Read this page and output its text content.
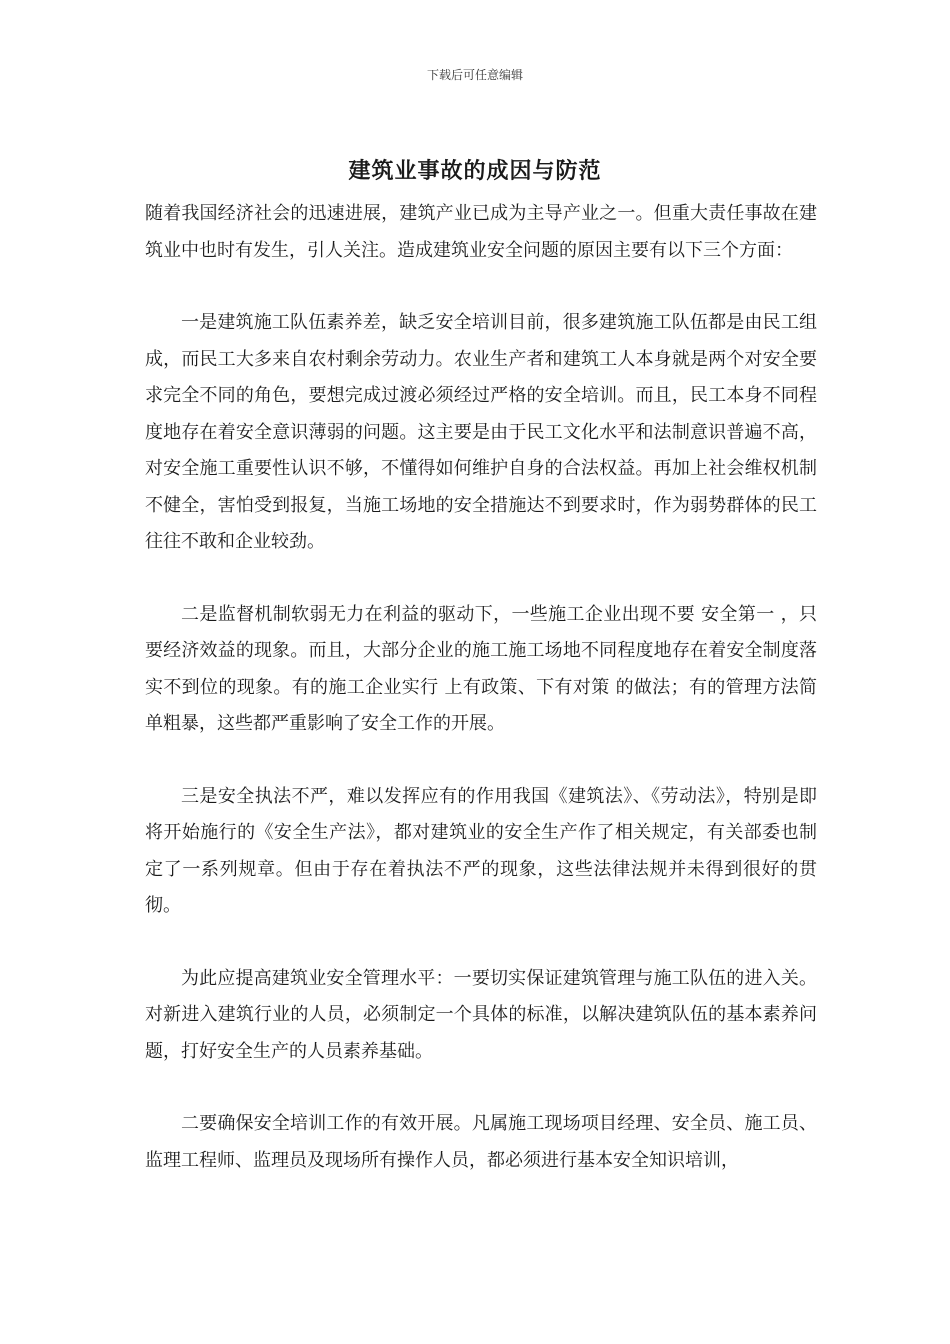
下载后可任意编辑
建筑业事故的成因与防范

随着我国经济社会的迅速进展，建筑产业已成为主导产业之一。但重大责任事故在建筑业中也时有发生，引人关注。造成建筑业安全问题的原因主要有以下三个方面：

一是建筑施工队伍素养差，缺乏安全培训目前，很多建筑施工队伍都是由民工组成，而民工大多来自农村剩余劳动力。农业生产者和建筑工人本身就是两个对安全要求完全不同的角色，要想完成过渡必须经过严格的安全培训。而且，民工本身不同程度地存在着安全意识薄弱的问题。这主要是由于民工文化水平和法制意识普遍不高，对安全施工重要性认识不够，不懂得如何维护自身的合法权益。再加上社会维权机制不健全，害怕受到报复，当施工场地的安全措施达不到要求时，作为弱势群体的民工往往不敢和企业较劲。

二是监督机制软弱无力在利益的驱动下，一些施工企业出现不要 安全第一 ，只要经济效益的现象。而且，大部分企业的施工施工场地不同程度地存在着安全制度落实不到位的现象。有的施工企业实行 上有政策、下有对策 的做法；有的管理方法简单粗暴，这些都严重影响了安全工作的开展。

三是安全执法不严，难以发挥应有的作用我国《建筑法》、《劳动法》，特别是即将开始施行的《安全生产法》，都对建筑业的安全生产作了相关规定，有关部委也制定了一系列规章。但由于存在着执法不严的现象，这些法律法规并未得到很好的贯彻。

为此应提高建筑业安全管理水平：一要切实保证建筑管理与施工队伍的进入关。对新进入建筑行业的人员，必须制定一个具体的标准，以解决建筑队伍的基本素养问题，打好安全生产的人员素养基础。

二要确保安全培训工作的有效开展。凡属施工现场项目经理、安全员、施工员、监理工程师、监理员及现场所有操作人员，都必须进行基本安全知识培训，
